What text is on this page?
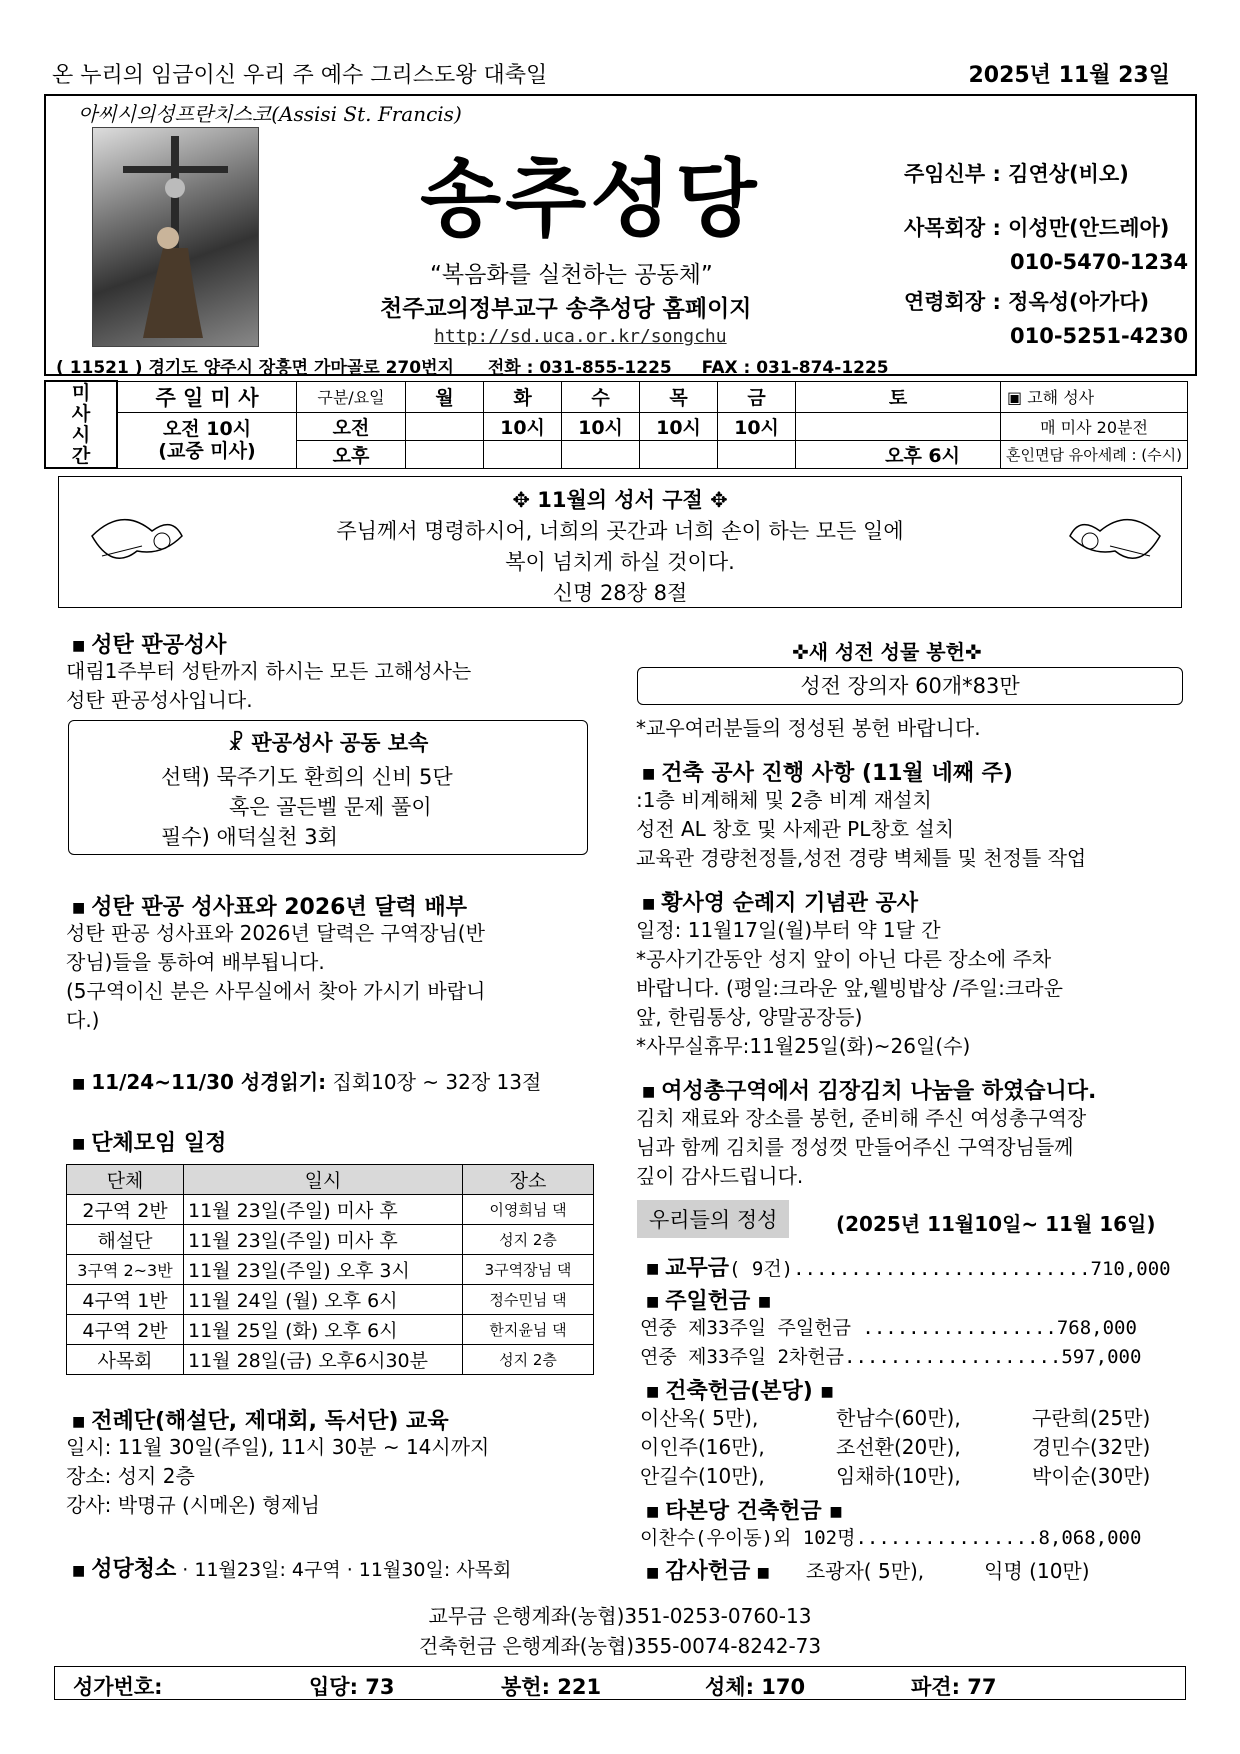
온 누리의 임금이신 우리 주 예수 그리스도왕 대축일	2025년 11월 23일
아씨시의성프란치스코(Assisi St. Francis)
송추성당
“복음화를 실천하는 공동체”
천주교의정부교구 송추성당 홈페이지
http://sd.uca.or.kr/songchu
주임신부 : 김연상(비오)
사목회장 : 이성만(안드레아)
010-5470-1234
연령회장 : 정옥성(아가다)
010-5251-4230
( 11521 ) 경기도 양주시 장흥면 가마골로 270번지 전화 : 031-855-1225 FAX : 031-874-1225
미
사
시
간	주 일 미 사	구분/요일	월	화	수	목	금	토	▣ 고해 성사

	오전 10시
(교중 미사)	오전		10시	10시	10시	10시		매 미사 20분전
		오후						오후 6시	혼인면담 유아세례 : (수시)
✥ 11월의 성서 구절 ✥
주님께서 명령하시어, 너희의 곳간과 너희 손이 하는 모든 일에
복이 넘치게 하실 것이다.
신명 28장 8절
■ 성탄 판공성사
대림1주부터 성탄까지 하시는 모든 고해성사는
성탄 판공성사입니다.
☧ 판공성사 공동 보속
선택) 묵주기도 환희의 신비 5단
혹은 골든벨 문제 풀이
필수) 애덕실천 3회
■ 성탄 판공 성사표와 2026년 달력 배부
성탄 판공 성사표와 2026년 달력은 구역장님(반
장님)들을 통하여 배부됩니다.
(5구역이신 분은 사무실에서 찾아 가시기 바랍니
다.)
■ 11/24~11/30 성경읽기: 집회10장 ~ 32장 13절
■ 단체모임 일정
단체	일시	장소
2구역 2반	11월 23일(주일) 미사 후	이영희님 댁
해설단	11월 23일(주일) 미사 후	성지 2층
3구역 2~3반	11월 23일(주일) 오후 3시	3구역장님 댁
4구역 1반	11월 24일 (월) 오후 6시	정수민님 댁
4구역 2반	11월 25일 (화) 오후 6시	한지윤님 댁
사목회	11월 28일(금) 오후6시30분	성지 2층
■ 전례단(해설단, 제대회, 독서단) 교육
일시: 11월 30일(주일), 11시 30분 ~ 14시까지
장소: 성지 2층
강사: 박명규 (시메온) 형제님
■ 성당청소 · 11월23일: 4구역 · 11월30일: 사목회
✜새 성전 성물 봉헌✜
성전 장의자 60개*83만
*교우여러분들의 정성된 봉헌 바랍니다.
■ 건축 공사 진행 사항 (11월 네째 주)
:1층 비계해체 및 2층 비계 재설치
성전 AL 창호 및 사제관 PL창호 설치
교육관 경량천정틀,성전 경량 벽체틀 및 천정틀 작업
■ 황사영 순례지 기념관 공사
일정: 11월17일(월)부터 약 1달 간
*공사기간동안 성지 앞이 아닌 다른 장소에 주차
바랍니다. (평일:크라운 앞,웰빙밥상 /주일:크라운
앞, 한림통상, 양말공장등)
*사무실휴무:11월25일(화)~26일(수)
■ 여성총구역에서 김장김치 나눔을 하였습니다.
김치 재료와 장소를 봉헌, 준비해 주신 여성총구역장
님과 함께 김치를 정성껏 만들어주신 구역장님들께
깊이 감사드립니다.
우리들의 정성	(2025년 11월10일~ 11월 16일)
■ 교무금( 9건)..........................710,000
■ 주일헌금 ■
연중 제33주일 주일헌금 .................768,000
연중 제33주일 2차헌금...................597,000
■ 건축헌금(본당) ■
이산옥( 5만),	한남수(60만),	구란희(25만)
이인주(16만),	조선환(20만),	경민수(32만)
안길수(10만),	임채하(10만),	박이순(30만)
■ 타본당 건축헌금 ■
이찬수(우이동)외 102명................8,068,000
■ 감사헌금 ■ 조광자( 5만),	익명 (10만)
교무금 은행계좌(농협)351-0253-0760-13
건축헌금 은행계좌(농협)355-0074-8242-73
성가번호:	입당: 73	봉헌: 221	성체: 170	파견: 77
